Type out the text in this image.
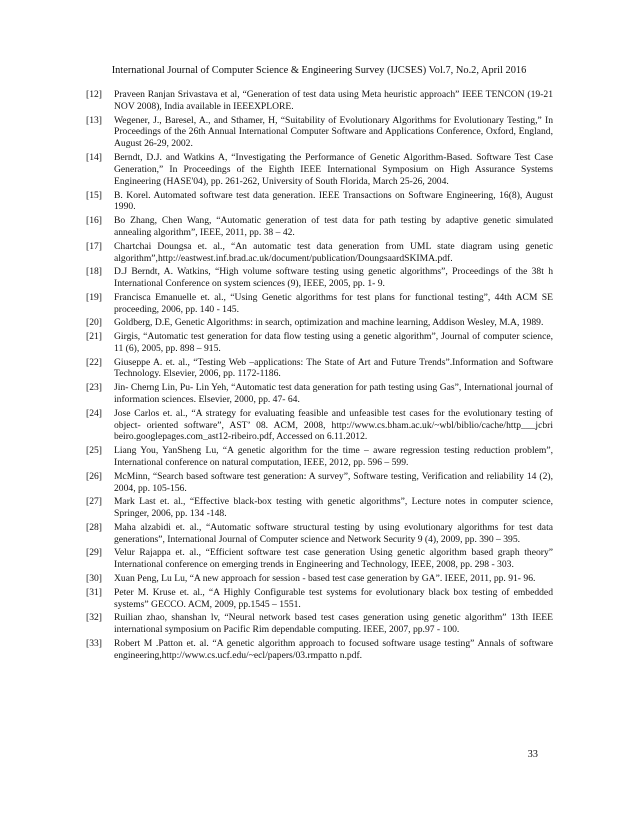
International Journal of Computer Science & Engineering Survey (IJCSES) Vol.7, No.2, April 2016
[12]	Praveen Ranjan Srivastava et al, “Generation of test data using Meta heuristic approach” IEEE TENCON (19-21 NOV 2008), India available in IEEEXPLORE.
[13]	Wegener, J., Baresel, A., and Sthamer, H, “Suitability of Evolutionary Algorithms for Evolutionary Testing,” In Proceedings of the 26th Annual International Computer Software and Applications Conference, Oxford, England, August 26-29, 2002.
[14]	Berndt, D.J. and Watkins A, “Investigating the Performance of Genetic Algorithm-Based. Software Test Case Generation,” In Proceedings of the Eighth IEEE International Symposium on High Assurance Systems Engineering (HASE'04), pp. 261-262, University of South Florida, March 25-26, 2004.
[15]	B. Korel. Automated software test data generation. IEEE Transactions on Software Engineering, 16(8), August 1990.
[16]	Bo Zhang, Chen Wang, “Automatic generation of test data for path testing by adaptive genetic simulated annealing algorithm”, IEEE, 2011, pp. 38 – 42.
[17]	Chartchai Doungsa et. al., “An automatic test data generation from UML state diagram using genetic algorithm”,http://eastwest.inf.brad.ac.uk/document/publication/DoungsaardSKIMA.pdf.
[18]	D.J Berndt, A. Watkins, “High volume software testing using genetic algorithms”, Proceedings of the 38t h International Conference on system sciences (9), IEEE, 2005, pp. 1- 9.
[19]	Francisca Emanuelle et. al., “Using Genetic algorithms for test plans for functional testing”, 44th ACM SE proceeding, 2006, pp. 140 - 145.
[20]	Goldberg, D.E, Genetic Algorithms: in search, optimization and machine learning, Addison Wesley, M.A, 1989.
[21]	Girgis, “Automatic test generation for data flow testing using a genetic algorithm”, Journal of computer science, 11 (6), 2005, pp. 898 – 915.
[22]	Giuseppe A. et. al., “Testing Web –applications: The State of Art and Future Trends”.Information and Software Technology. Elsevier, 2006, pp. 1172-1186.
[23]	Jin- Cherng Lin, Pu- Lin Yeh, “Automatic test data generation for path testing using Gas”, International journal of information sciences. Elsevier, 2000, pp. 47- 64.
[24]	Jose Carlos et. al., “A strategy for evaluating feasible and unfeasible test cases for the evolutionary testing of object- oriented software”, AST’ 08. ACM, 2008, http://www.cs.bham.ac.uk/~wbl/biblio/cache/http___jcbri beiro.googlepages.com_ast12-ribeiro.pdf, Accessed on 6.11.2012.
[25]	Liang You, YanSheng Lu, “A genetic algorithm for the time – aware regression testing reduction problem”, International conference on natural computation, IEEE, 2012, pp. 596 – 599.
[26]	McMinn, “Search based software test generation: A survey”, Software testing, Verification and reliability 14 (2), 2004, pp. 105-156.
[27]	Mark Last et. al., “Effective black-box testing with genetic algorithms”, Lecture notes in computer science, Springer, 2006, pp. 134 -148.
[28]	Maha alzabidi et. al., “Automatic software structural testing by using evolutionary algorithms for test data generations”, International Journal of Computer science and Network Security 9 (4), 2009, pp. 390 – 395.
[29]	Velur Rajappa et. al., “Efficient software test case generation Using genetic algorithm based graph theory” International conference on emerging trends in Engineering and Technology, IEEE, 2008, pp. 298 - 303.
[30]	Xuan Peng, Lu Lu, “A new approach for session - based test case generation by GA”. IEEE, 2011, pp. 91- 96.
[31]	Peter M. Kruse et. al., “A Highly Configurable test systems for evolutionary black box testing of embedded systems” GECCO. ACM, 2009, pp.1545 – 1551.
[32]	Ruilian zhao, shanshan lv, “Neural network based test cases generation using genetic algorithm” 13th IEEE international symposium on Pacific Rim dependable computing. IEEE, 2007, pp.97 - 100.
[33]	Robert M .Patton et. al. “A genetic algorithm approach to focused software usage testing” Annals of software engineering,http://www.cs.ucf.edu/~ecl/papers/03.rmpatto n.pdf.
33
